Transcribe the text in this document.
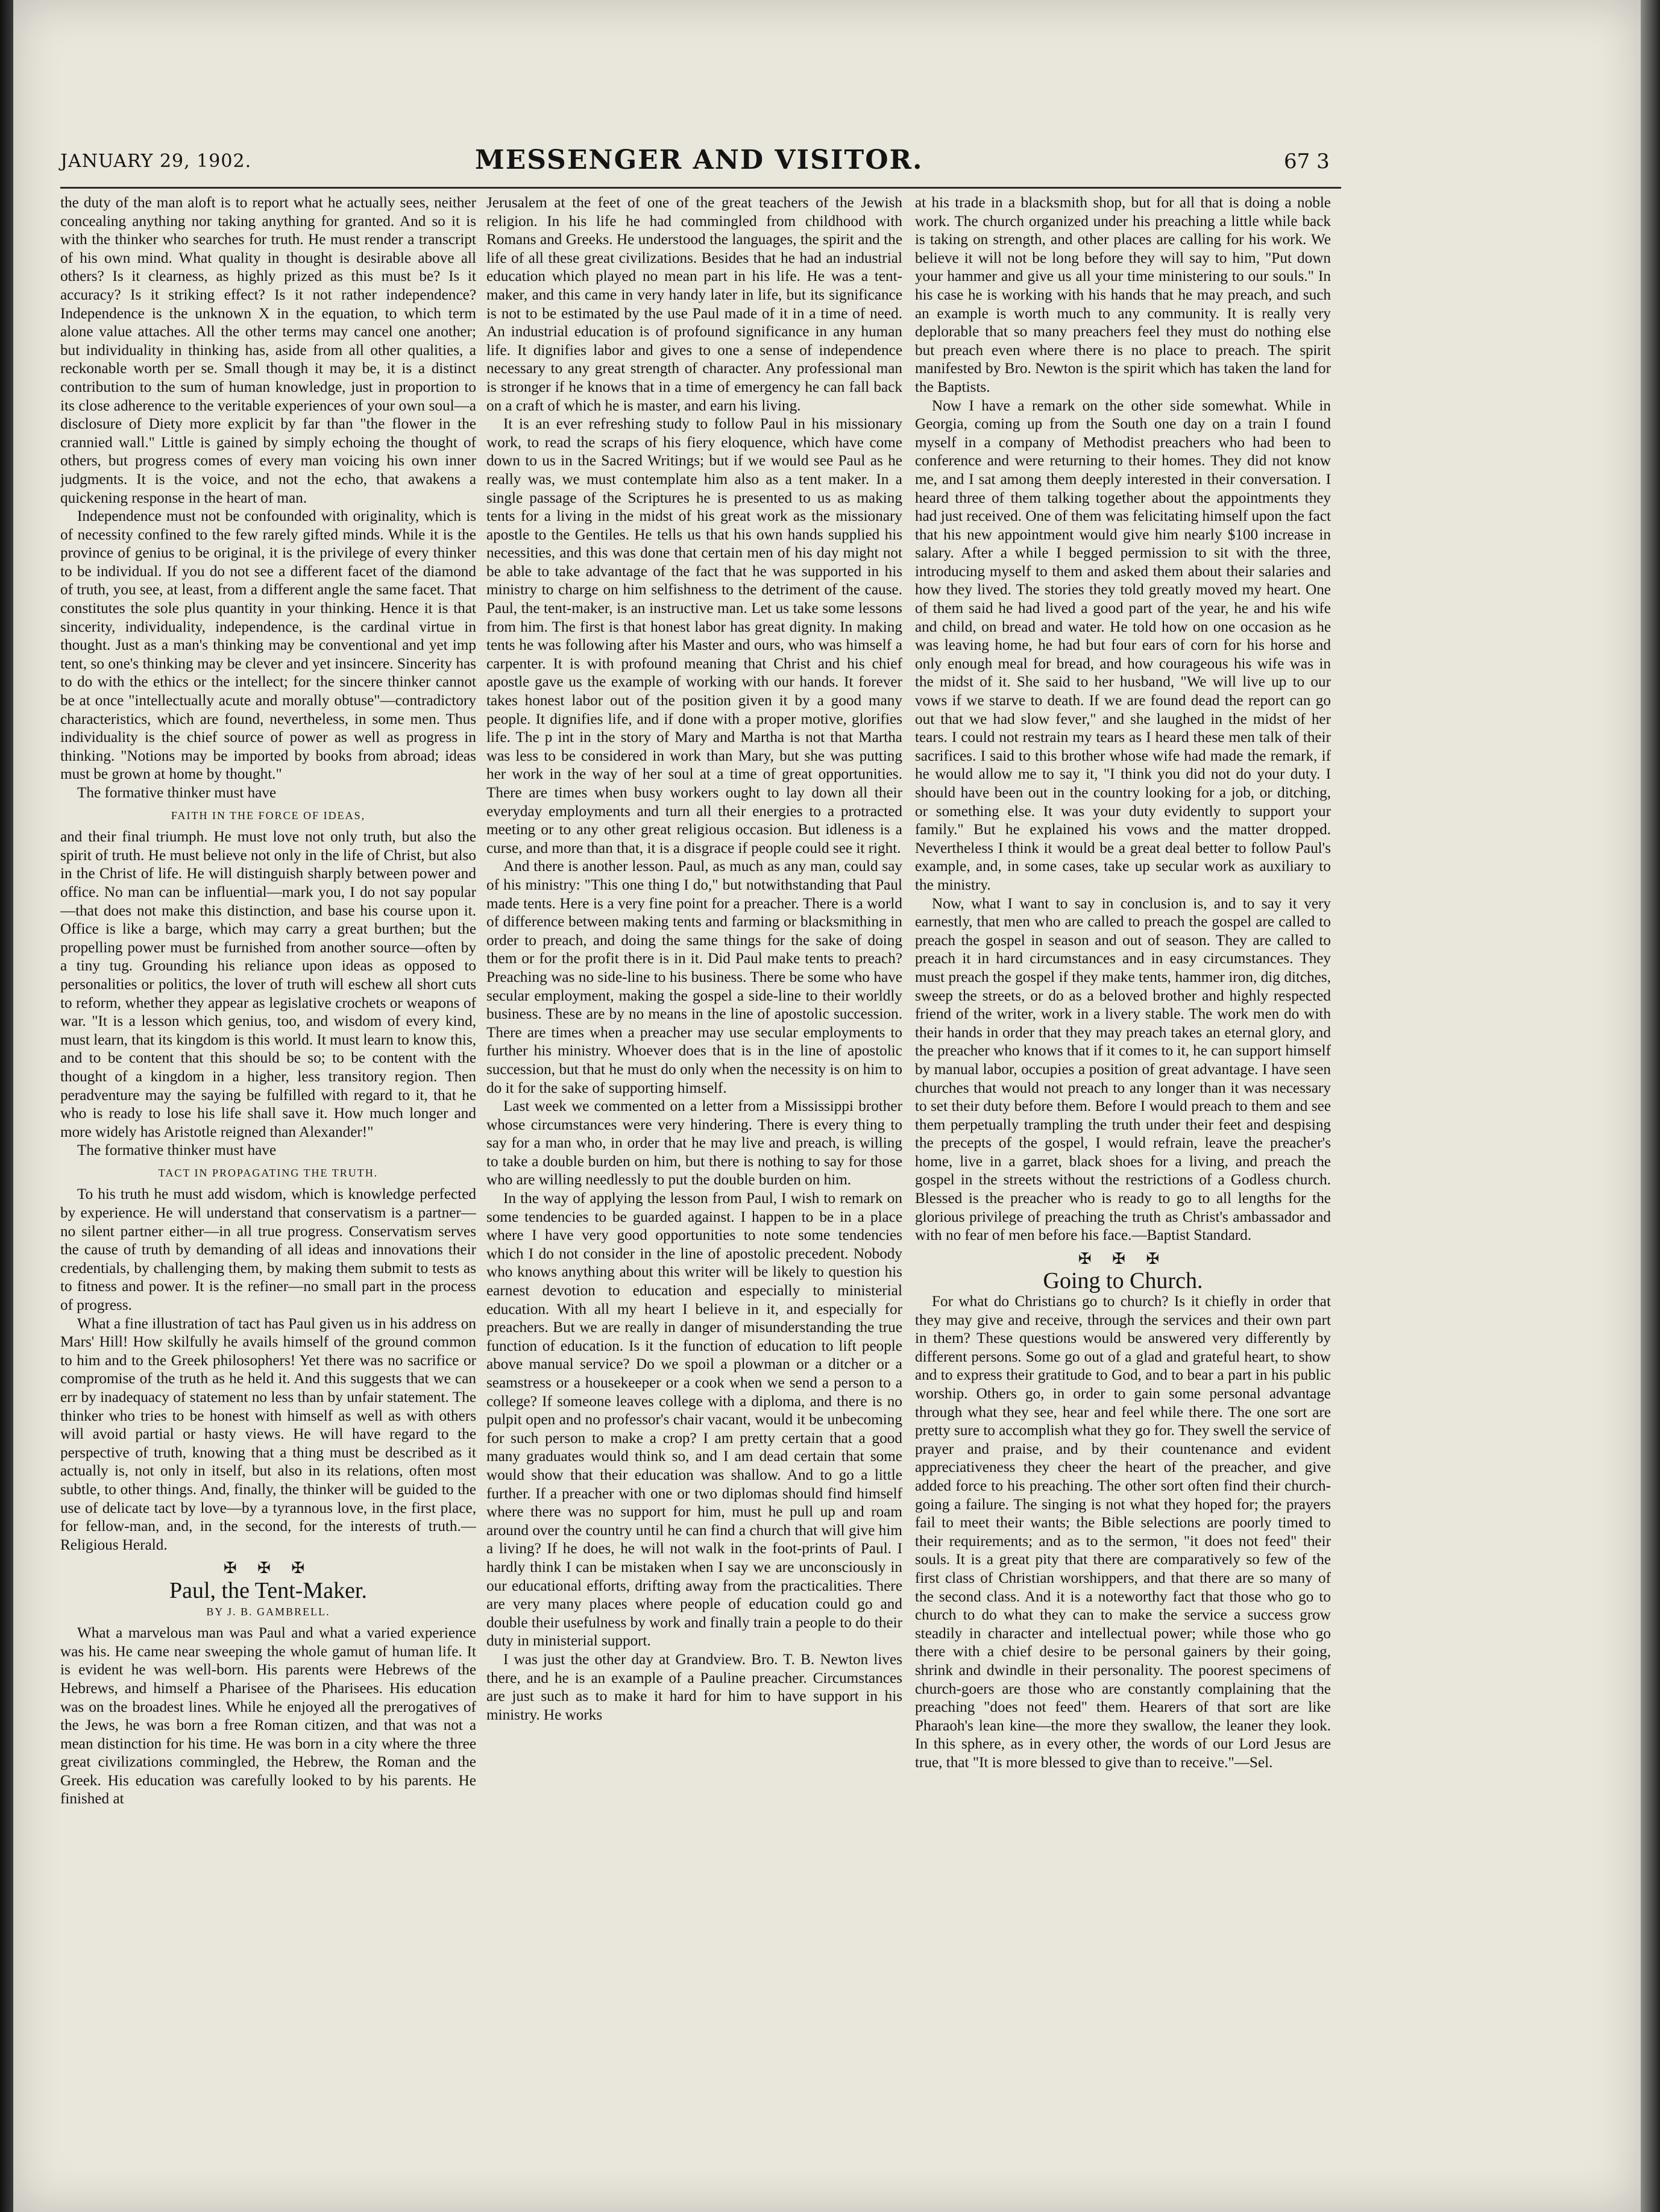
JANUARY 29, 1902.	MESSENGER AND VISITOR.	67 3

the duty of the man aloft is to report what he actually sees, neither concealing anything nor taking anything for granted. And so it is with the thinker who searches for truth. He must render a transcript of his own mind. What quality in thought is desirable above all others? Is it clearness, as highly prized as this must be? Is it accuracy? Is it striking effect? Is it not rather independence? Independence is the unknown X in the equation, to which term alone value attaches. All the other terms may cancel one another; but individuality in thinking has, aside from all other qualities, a reckonable worth per se. Small though it may be, it is a distinct contribution to the sum of human knowledge, just in proportion to its close adherence to the veritable experiences of your own soul—a disclosure of Diety more explicit by far than "the flower in the crannied wall." Little is gained by simply echoing the thought of others, but progress comes of every man voicing his own inner judgments. It is the voice, and not the echo, that awakens a quickening response in the heart of man.

Independence must not be confounded with originality, which is of necessity confined to the few rarely gifted minds. While it is the province of genius to be original, it is the privilege of every thinker to be individual. If you do not see a different facet of the diamond of truth, you see, at least, from a different angle the same facet. That constitutes the sole plus quantity in your thinking. Hence it is that sincerity, individuality, independence, is the cardinal virtue in thought. Just as a man's thinking may be conventional and yet imp tent, so one's thinking may be clever and yet insincere. Sincerity has to do with the ethics or the intellect; for the sincere thinker cannot be at once "intellectually acute and morally obtuse"—contradictory characteristics, which are found, nevertheless, in some men. Thus individuality is the chief source of power as well as progress in thinking. "Notions may be imported by books from abroad; ideas must be grown at home by thought."

The formative thinker must have

FAITH IN THE FORCE OF IDEAS,

and their final triumph. He must love not only truth, but also the spirit of truth. He must believe not only in the life of Christ, but also in the Christ of life. He will distinguish sharply between power and office. No man can be influential—mark you, I do not say popular—that does not make this distinction, and base his course upon it. Office is like a barge, which may carry a great burthen; but the propelling power must be furnished from another source—often by a tiny tug. Grounding his reliance upon ideas as opposed to personalities or politics, the lover of truth will eschew all short cuts to reform, whether they appear as legislative crochets or weapons of war. "It is a lesson which genius, too, and wisdom of every kind, must learn, that its kingdom is this world. It must learn to know this, and to be content that this should be so; to be content with the thought of a kingdom in a higher, less transitory region. Then peradventure may the saying be fulfilled with regard to it, that he who is ready to lose his life shall save it. How much longer and more widely has Aristotle reigned than Alexander!"

The formative thinker must have

TACT IN PROPAGATING THE TRUTH.

To his truth he must add wisdom, which is knowledge perfected by experience. He will understand that conservatism is a partner—no silent partner either—in all true progress. Conservatism serves the cause of truth by demanding of all ideas and innovations their credentials, by challenging them, by making them submit to tests as to fitness and power. It is the refiner—no small part in the process of progress.

What a fine illustration of tact has Paul given us in his address on Mars' Hill! How skilfully he avails himself of the ground common to him and to the Greek philosophers! Yet there was no sacrifice or compromise of the truth as he held it. And this suggests that we can err by inadequacy of statement no less than by unfair statement. The thinker who tries to be honest with himself as well as with others will avoid partial or hasty views. He will have regard to the perspective of truth, knowing that a thing must be described as it actually is, not only in itself, but also in its relations, often most subtle, to other things. And, finally, the thinker will be guided to the use of delicate tact by love—by a tyrannous love, in the first place, for fellow-man, and, in the second, for the interests of truth.—Religious Herald.

✠ ✠ ✠
Paul, the Tent-Maker.
BY J. B. GAMBRELL.

What a marvelous man was Paul and what a varied experience was his. He came near sweeping the whole gamut of human life. It is evident he was well-born. His parents were Hebrews of the Hebrews, and himself a Pharisee of the Pharisees. His education was on the broadest lines. While he enjoyed all the prerogatives of the Jews, he was born a free Roman citizen, and that was not a mean distinction for his time. He was born in a city where the three great civilizations commingled, the Hebrew, the Roman and the Greek. His education was carefully looked to by his parents. He finished at

Jerusalem at the feet of one of the great teachers of the Jewish religion. In his life he had commingled from childhood with Romans and Greeks. He understood the languages, the spirit and the life of all these great civilizations. Besides that he had an industrial education which played no mean part in his life. He was a tent-maker, and this came in very handy later in life, but its significance is not to be estimated by the use Paul made of it in a time of need. An industrial education is of profound significance in any human life. It dignifies labor and gives to one a sense of independence necessary to any great strength of character. Any professional man is stronger if he knows that in a time of emergency he can fall back on a craft of which he is master, and earn his living.

It is an ever refreshing study to follow Paul in his missionary work, to read the scraps of his fiery eloquence, which have come down to us in the Sacred Writings; but if we would see Paul as he really was, we must contemplate him also as a tent maker. In a single passage of the Scriptures he is presented to us as making tents for a living in the midst of his great work as the missionary apostle to the Gentiles. He tells us that his own hands supplied his necessities, and this was done that certain men of his day might not be able to take advantage of the fact that he was supported in his ministry to charge on him selfishness to the detriment of the cause. Paul, the tent-maker, is an instructive man. Let us take some lessons from him. The first is that honest labor has great dignity. In making tents he was following after his Master and ours, who was himself a carpenter. It is with profound meaning that Christ and his chief apostle gave us the example of working with our hands. It forever takes honest labor out of the position given it by a good many people. It dignifies life, and if done with a proper motive, glorifies life. The p int in the story of Mary and Martha is not that Martha was less to be considered in work than Mary, but she was putting her work in the way of her soul at a time of great opportunities. There are times when busy workers ought to lay down all their everyday employments and turn all their energies to a protracted meeting or to any other great religious occasion. But idleness is a curse, and more than that, it is a disgrace if people could see it right.

And there is another lesson. Paul, as much as any man, could say of his ministry: "This one thing I do," but notwithstanding that Paul made tents. Here is a very fine point for a preacher. There is a world of difference between making tents and farming or blacksmithing in order to preach, and doing the same things for the sake of doing them or for the profit there is in it. Did Paul make tents to preach? Preaching was no side-line to his business. There be some who have secular employment, making the gospel a side-line to their worldly business. These are by no means in the line of apostolic succession. There are times when a preacher may use secular employments to further his ministry. Whoever does that is in the line of apostolic succession, but that he must do only when the necessity is on him to do it for the sake of supporting himself.

Last week we commented on a letter from a Mississippi brother whose circumstances were very hindering. There is every thing to say for a man who, in order that he may live and preach, is willing to take a double burden on him, but there is nothing to say for those who are willing needlessly to put the double burden on him.

In the way of applying the lesson from Paul, I wish to remark on some tendencies to be guarded against. I happen to be in a place where I have very good opportunities to note some tendencies which I do not consider in the line of apostolic precedent. Nobody who knows anything about this writer will be likely to question his earnest devotion to education and especially to ministerial education. With all my heart I believe in it, and especially for preachers. But we are really in danger of misunderstanding the true function of education. Is it the function of education to lift people above manual service? Do we spoil a plowman or a ditcher or a seamstress or a housekeeper or a cook when we send a person to a college? If someone leaves college with a diploma, and there is no pulpit open and no professor's chair vacant, would it be unbecoming for such person to make a crop? I am pretty certain that a good many graduates would think so, and I am dead certain that some would show that their education was shallow. And to go a little further. If a preacher with one or two diplomas should find himself where there was no support for him, must he pull up and roam around over the country until he can find a church that will give him a living? If he does, he will not walk in the foot-prints of Paul. I hardly think I can be mistaken when I say we are unconsciously in our educational efforts, drifting away from the practicalities. There are very many places where people of education could go and double their usefulness by work and finally train a people to do their duty in ministerial support.

I was just the other day at Grandview. Bro. T. B. Newton lives there, and he is an example of a Pauline preacher. Circumstances are just such as to make it hard for him to have support in his ministry. He works

at his trade in a blacksmith shop, but for all that is doing a noble work. The church organized under his preaching a little while back is taking on strength, and other places are calling for his work. We believe it will not be long before they will say to him, "Put down your hammer and give us all your time ministering to our souls." In his case he is working with his hands that he may preach, and such an example is worth much to any community. It is really very deplorable that so many preachers feel they must do nothing else but preach even where there is no place to preach. The spirit manifested by Bro. Newton is the spirit which has taken the land for the Baptists.

Now I have a remark on the other side somewhat. While in Georgia, coming up from the South one day on a train I found myself in a company of Methodist preachers who had been to conference and were returning to their homes. They did not know me, and I sat among them deeply interested in their conversation. I heard three of them talking together about the appointments they had just received. One of them was felicitating himself upon the fact that his new appointment would give him nearly $100 increase in salary. After a while I begged permission to sit with the three, introducing myself to them and asked them about their salaries and how they lived. The stories they told greatly moved my heart. One of them said he had lived a good part of the year, he and his wife and child, on bread and water. He told how on one occasion as he was leaving home, he had but four ears of corn for his horse and only enough meal for bread, and how courageous his wife was in the midst of it. She said to her husband, "We will live up to our vows if we starve to death. If we are found dead the report can go out that we had slow fever," and she laughed in the midst of her tears. I could not restrain my tears as I heard these men talk of their sacrifices. I said to this brother whose wife had made the remark, if he would allow me to say it, "I think you did not do your duty. I should have been out in the country looking for a job, or ditching, or something else. It was your duty evidently to support your family." But he explained his vows and the matter dropped. Nevertheless I think it would be a great deal better to follow Paul's example, and, in some cases, take up secular work as auxiliary to the ministry.

Now, what I want to say in conclusion is, and to say it very earnestly, that men who are called to preach the gospel are called to preach the gospel in season and out of season. They are called to preach it in hard circumstances and in easy circumstances. They must preach the gospel if they make tents, hammer iron, dig ditches, sweep the streets, or do as a beloved brother and highly respected friend of the writer, work in a livery stable. The work men do with their hands in order that they may preach takes an eternal glory, and the preacher who knows that if it comes to it, he can support himself by manual labor, occupies a position of great advantage. I have seen churches that would not preach to any longer than it was necessary to set their duty before them. Before I would preach to them and see them perpetually trampling the truth under their feet and despising the precepts of the gospel, I would refrain, leave the preacher's home, live in a garret, black shoes for a living, and preach the gospel in the streets without the restrictions of a Godless church. Blessed is the preacher who is ready to go to all lengths for the glorious privilege of preaching the truth as Christ's ambassador and with no fear of men before his face.—Baptist Standard.

✠ ✠ ✠
Going to Church.

For what do Christians go to church? Is it chiefly in order that they may give and receive, through the services and their own part in them? These questions would be answered very differently by different persons. Some go out of a glad and grateful heart, to show and to express their gratitude to God, and to bear a part in his public worship. Others go, in order to gain some personal advantage through what they see, hear and feel while there. The one sort are pretty sure to accomplish what they go for. They swell the service of prayer and praise, and by their countenance and evident appreciativeness they cheer the heart of the preacher, and give added force to his preaching. The other sort often find their church-going a failure. The singing is not what they hoped for; the prayers fail to meet their wants; the Bible selections are poorly timed to their requirements; and as to the sermon, "it does not feed" their souls. It is a great pity that there are comparatively so few of the first class of Christian worshippers, and that there are so many of the second class. And it is a noteworthy fact that those who go to church to do what they can to make the service a success grow steadily in character and intellectual power; while those who go there with a chief desire to be personal gainers by their going, shrink and dwindle in their personality. The poorest specimens of church-goers are those who are constantly complaining that the preaching "does not feed" them. Hearers of that sort are like Pharaoh's lean kine—the more they swallow, the leaner they look. In this sphere, as in every other, the words of our Lord Jesus are true, that "It is more blessed to give than to receive."—Sel.
